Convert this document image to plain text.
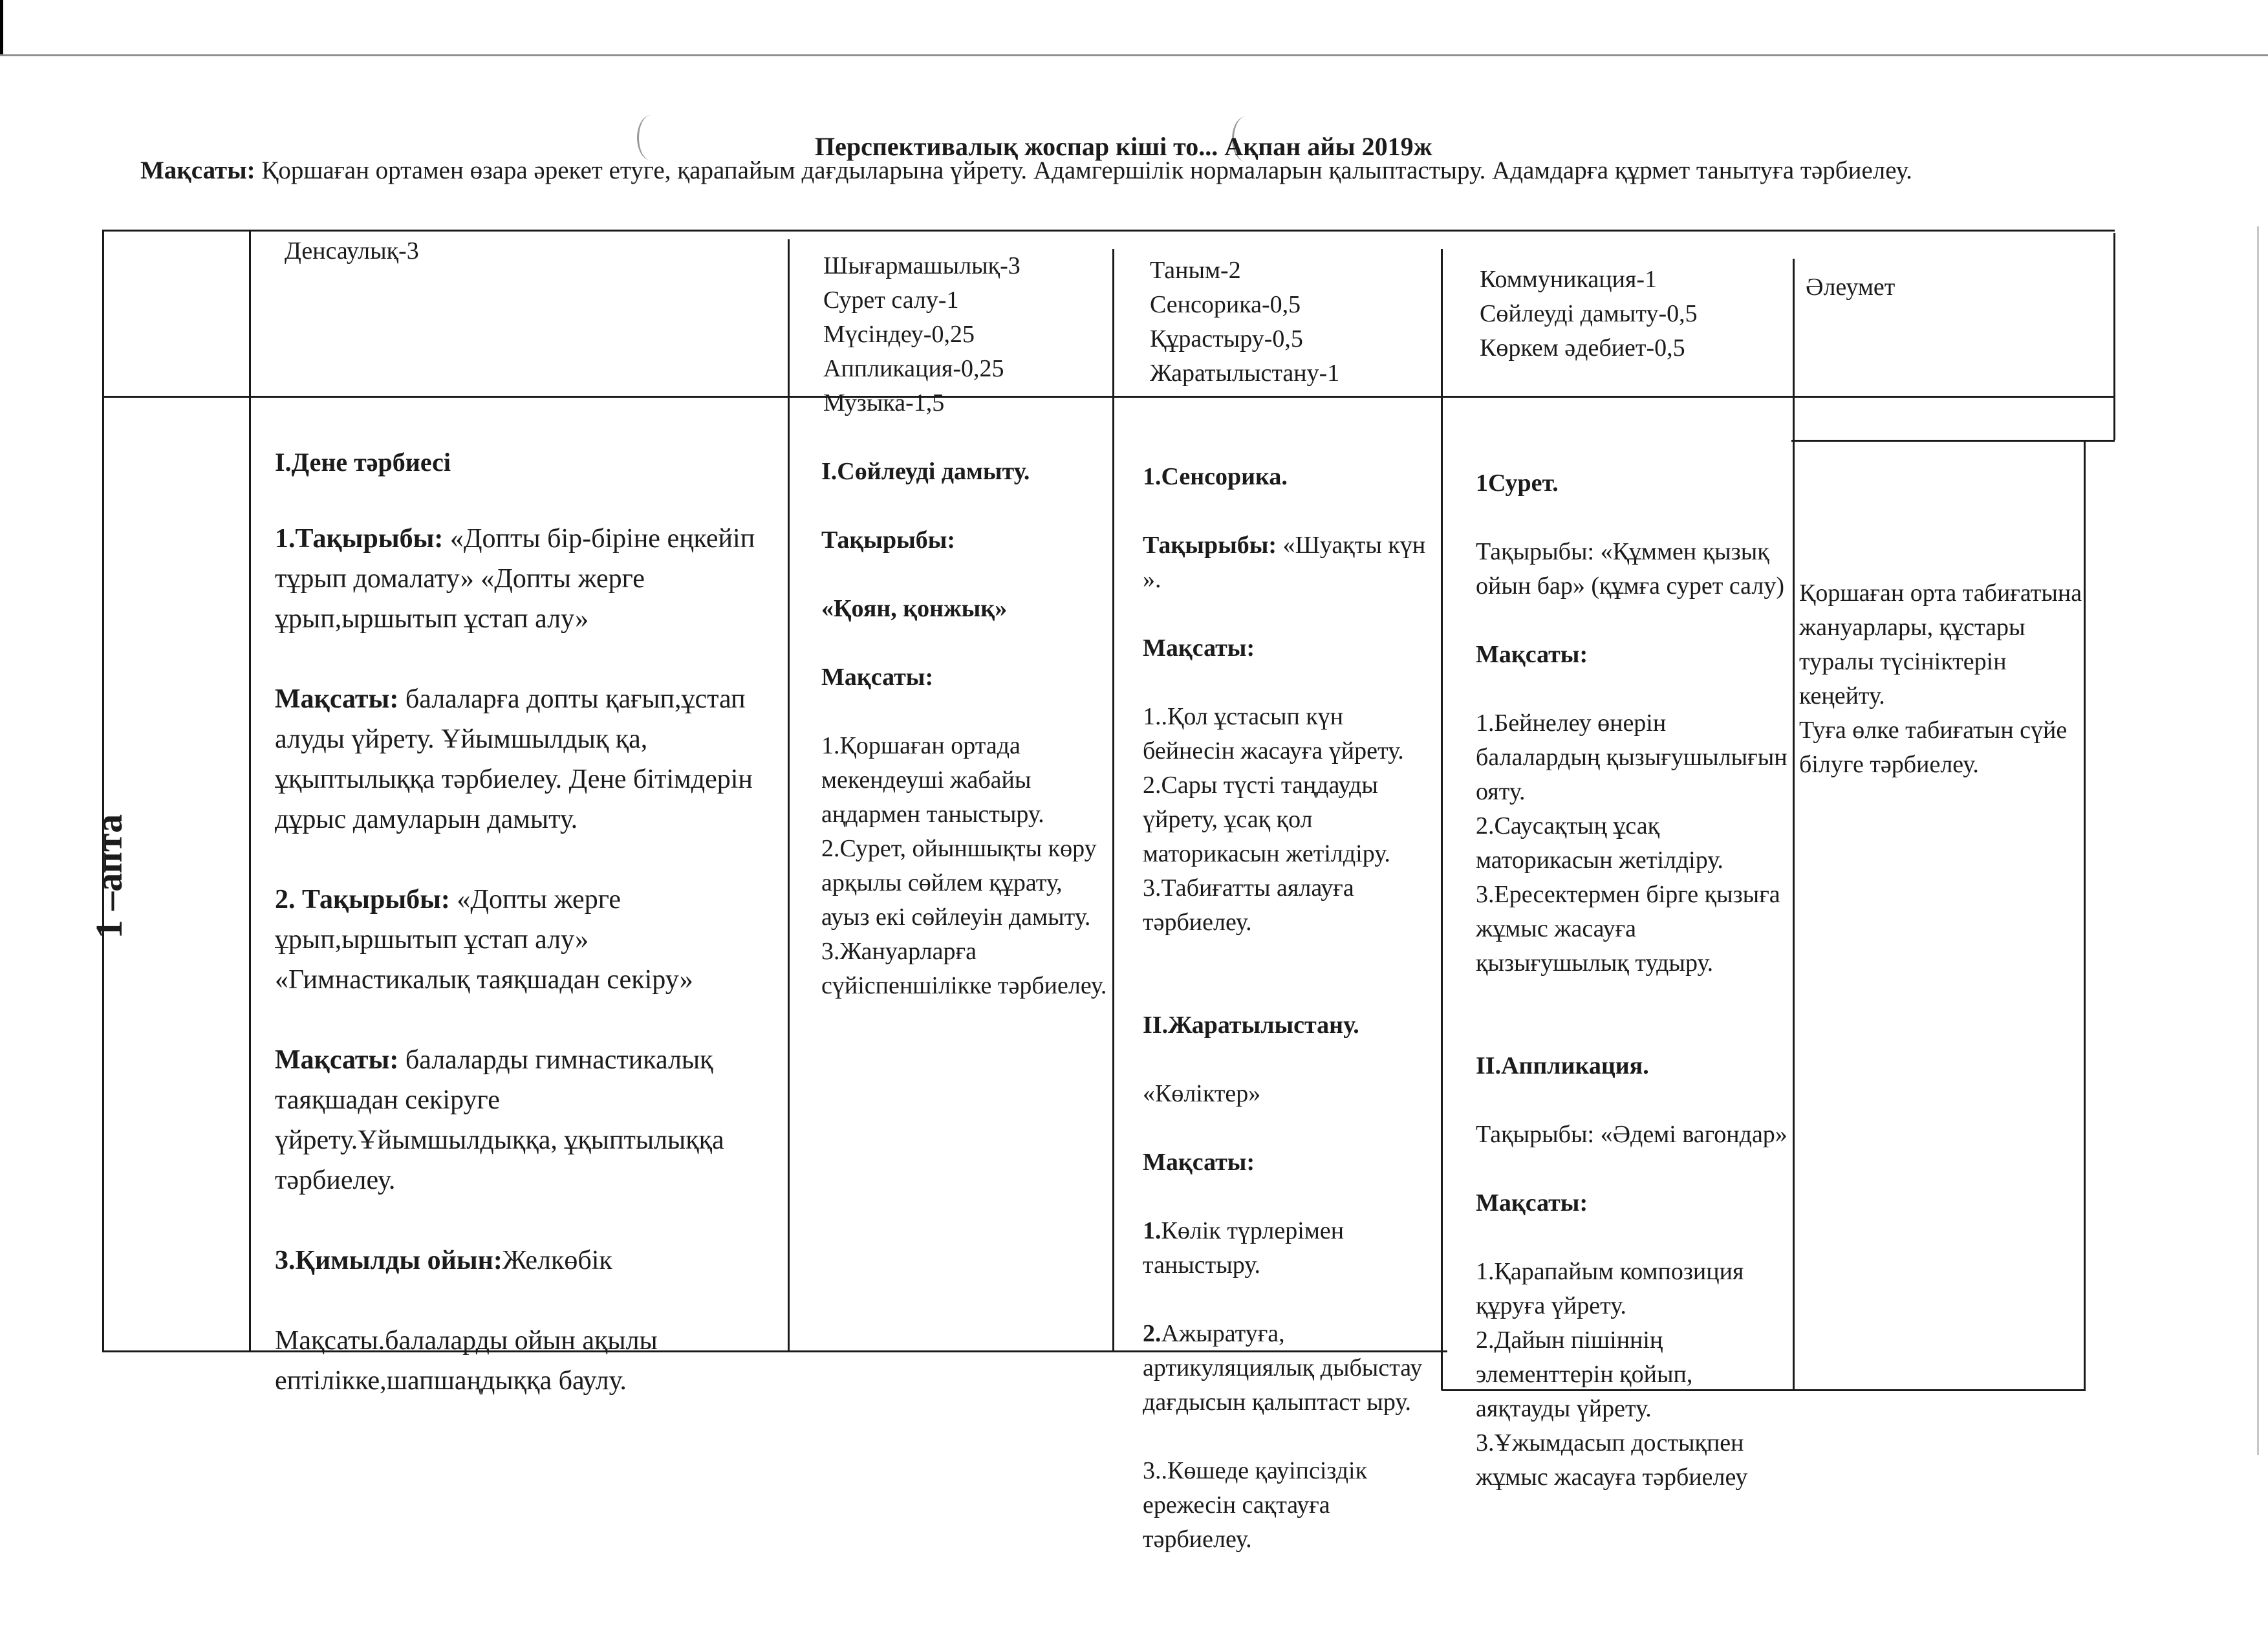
Перспективалық жоспар кіші то... Ақпан айы 2019ж
Мақсаты: Қоршаған ортамен өзара әрекет етуге, қарапайым дағдыларына үйрету. Адамгершілік нормаларын қалыптастыру. Адамдарға құрмет танытуға тәрбиелеу.
Денсаулық-3
Шығармашылық-3
Сурет салу-1
Мүсіндеу-0,25
Аппликация-0,25
Музыка-1,5
Таным-2
Сенсорика-0,5
Құрастыру-0,5
Жаратылыстану-1
Коммуникация-1
Сөйлеуді дамыту-0,5
Көркем әдебиет-0,5
Әлеумет
1 –апта

I.Дене тәрбиесі

1.Тақырыбы: «Допты бір-біріне еңкейіп тұрып домалату» «Допты жерге ұрып,ыршытып ұстап алу»

Мақсаты: балаларға допты қағып,ұстап алуды үйрету. Ұйымшылдық қа, ұқыптылыққа тәрбиелеу. Дене бітімдерін дұрыс дамуларын дамыту.

2. Тақырыбы: «Допты жерге ұрып,ыршытып ұстап алу» «Гимнастикалық таяқшадан секіру»

Мақсаты: балаларды гимнастикалық таяқшадан секіруге үйрету.Ұйымшылдыққа, ұқыптылыққа тәрбиелеу.

3.Қимылды ойын:Желкөбік

Мақсаты.балаларды ойын ақылы ептілікке,шапшаңдыққа баулу.

I.Сөйлеуді дамыту.

Тақырыбы:

«Қоян, қонжық»

Мақсаты:

1.Қоршаған ортада мекендеуші жабайы аңдармен таныстыру.
2.Сурет, ойыншықты көру арқылы сөйлем құрату, ауыз екі сөйлеуін дамыту.
3.Жануарларға сүйіспеншілікке тәрбиелеу.

1.Сенсорика.

Тақырыбы: «Шуақты күн ».

Мақсаты:

1..Қол ұстасып күн бейнесін жасауға үйрету.
2.Сары түсті таңдауды үйрету, ұсақ қол маторикасын жетілдіру.
3.Табиғатты аялауға тәрбиелеу.

II.Жаратылыстану.

«Көліктер»

Мақсаты:

1.Көлік түрлерімен таныстыру.

2.Ажыратуға, артикуляциялық дыбыстау дағдысын қалыптаст ыру.

3..Көшеде қауіпсіздік ережесін сақтауға тәрбиелеу.

1Сурет.

Тақырыбы: «Құммен қызық ойын бар» (құмға сурет салу)

Мақсаты:

1.Бейнелеу өнерін балалардың қызығушылығын ояту.
2.Саусақтың ұсақ маторикасын жетілдіру.
3.Ересектермен бірге қызыға жұмыс жасауға қызығушылық тудыру.

II.Аппликация.

Тақырыбы: «Әдемі вагондар»

Мақсаты:

1.Қарапайым композиция құруға үйрету.
2.Дайын пішіннің элементтерін қойып, аяқтауды үйрету.
3.Ұжымдасып достықпен жұмыс жасауға тәрбиелеу

Қоршаған орта табиғатына жануарлары, құстары туралы түсініктерін кеңейту.
Туға өлке табиғатын сүйе білуге тәрбиелеу.
